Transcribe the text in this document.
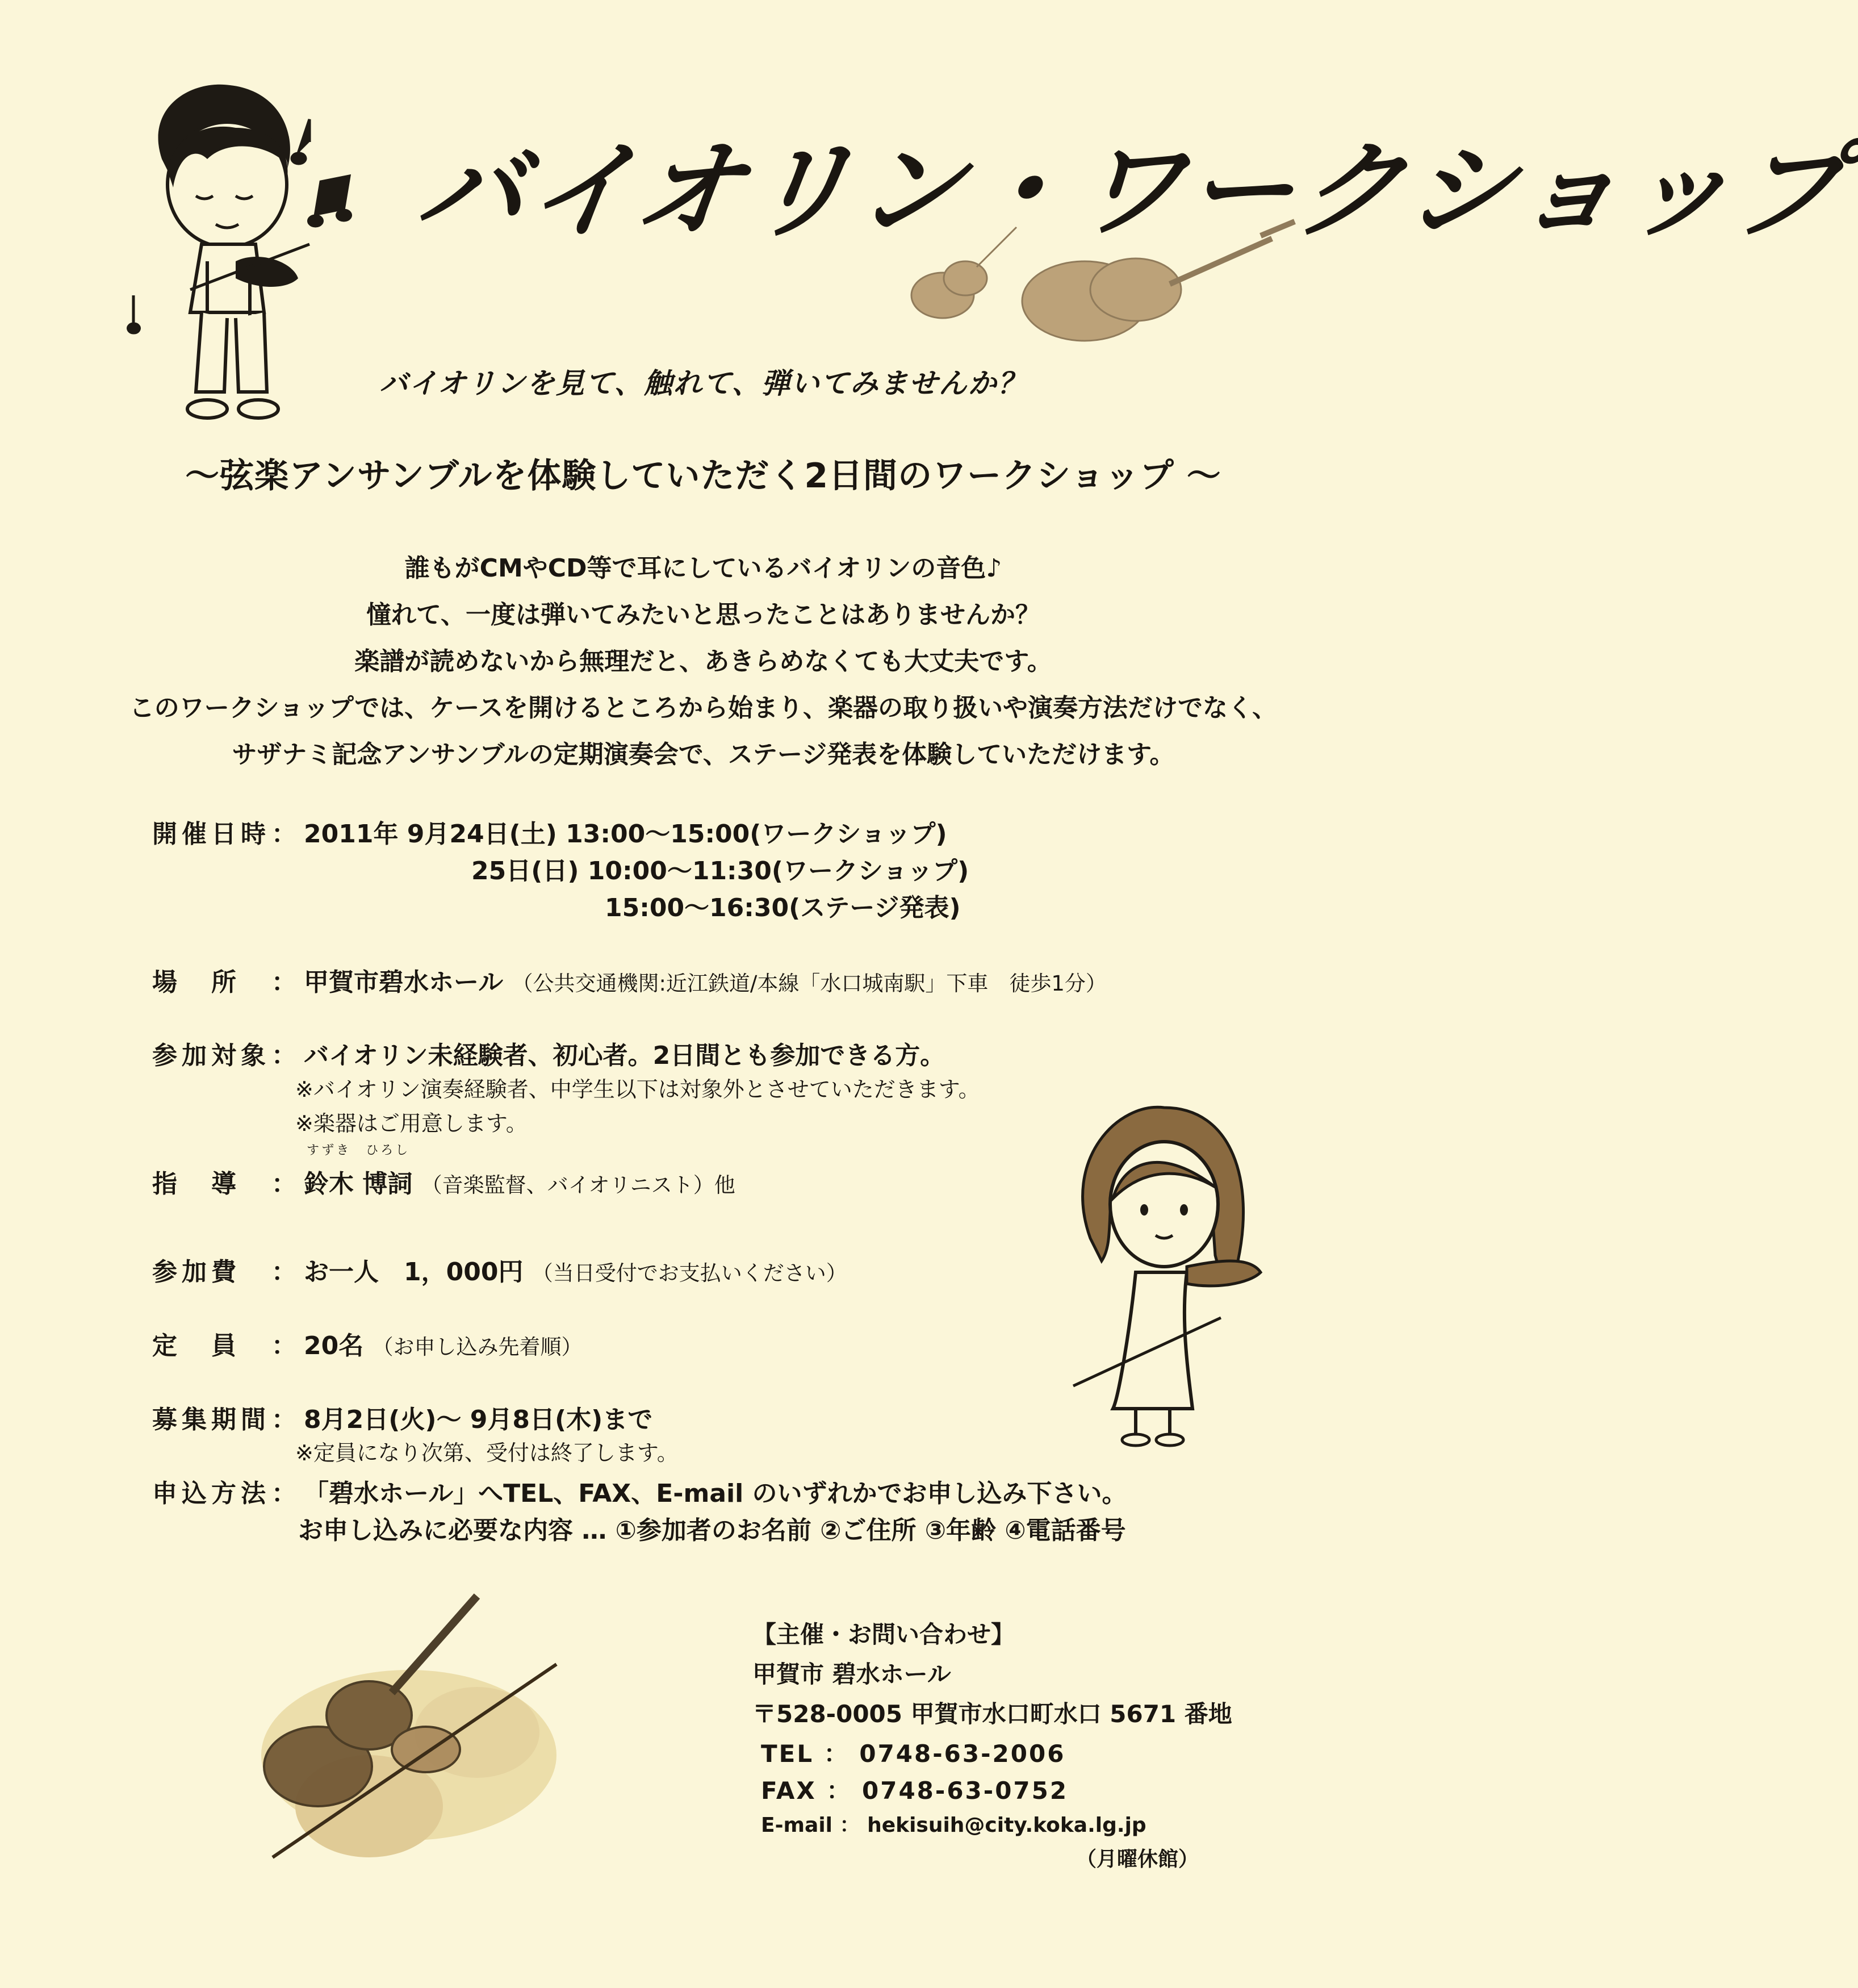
バイオリン・ワークショップ
バイオリンを見て、触れて、弾いてみませんか？
～弦楽アンサンブルを体験していただく2日間のワークショップ ～
誰もがCMやCD等で耳にしているバイオリンの音色♪
憧れて、一度は弾いてみたいと思ったことはありませんか？
楽譜が読めないから無理だと、あきらめなくても大丈夫です。
このワークショップでは、ケースを開けるところから始まり、楽器の取り扱いや演奏方法だけでなく、
サザナミ記念アンサンブルの定期演奏会で、ステージ発表を体験していただけます。
開催日時 ： 2011年 9月24日(土) 13:00～15:00(ワークショップ)
25日(日) 10:00～11:30(ワークショップ)
15:00～16:30(ステージ発表)
場　所 ： 甲賀市碧水ホール （公共交通機関:近江鉄道/本線「水口城南駅」下車　徒歩1分）
参加対象 ： バイオリン未経験者、初心者。2日間とも参加できる方。
※バイオリン演奏経験者、中学生以下は対象外とさせていただきます。
※楽器はご用意します。
指　導 ：
すずき　ひろし
鈴木 博詞 （音楽監督、バイオリニスト）他
参加費 ： お一人　1，000円 （当日受付でお支払いください）
定　員 ： 20名 （お申し込み先着順）
募集期間 ： 8月2日(火)～ 9月8日(木)まで
※定員になり次第、受付は終了します。
申込方法 ： 「碧水ホール」へTEL、FAX、E-mail のいずれかでお申し込み下さい。
お申し込みに必要な内容 … ①参加者のお名前 ②ご住所 ③年齢 ④電話番号
【主催・お問い合わせ】
甲賀市 碧水ホール
〒528-0005 甲賀市水口町水口 5671 番地
TEL ： 0748-63-2006
FAX ： 0748-63-0752
E-mail ： hekisuih@city.koka.lg.jp
（月曜休館）
